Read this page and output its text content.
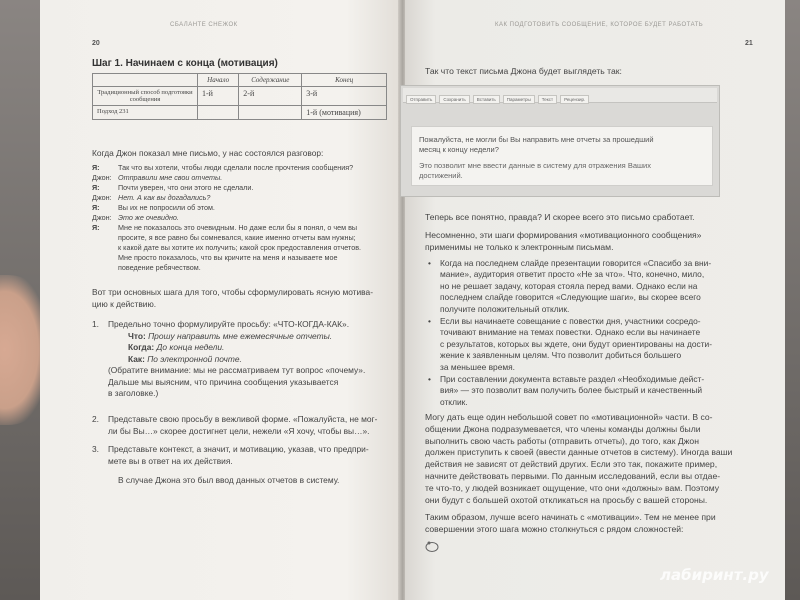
СБАЛАНТЕ СНЕЖОК
20
Шаг 1. Начинаем с конца (мотивация)
	Начало	Содержание	Конец
Традиционный способ подготовки сообщения	1-й	2-й	3-й
Подход 231			1-й (мотивация)
Когда Джон показал мне письмо, у нас состоялся разговор:
Я:	Так что вы хотели, чтобы люди сделали после прочтения сообщения?
Джон: Отправили мне свои отчеты.
Я:	Почти уверен, что они этого не сделали.
Джон: Нет. А как вы догадались?
Я:	Вы их не попросили об этом.
Джон: Это же очевидно.
Я:	Мне не показалось это очевидным. Но даже если бы я понял, о чем вы
просите, я все равно бы сомневался, какие именно отчеты вам нужны;
к какой дате вы хотите их получить; какой срок предоставления отчетов.
Мне просто показалось, что вы кричите на меня и называете мое
поведение ребячеством.
Вот три основных шага для того, чтобы сформулировать ясную мотива-
цию к действию.
1. Предельно точно формулируйте просьбу: «ЧТО-КОГДА-КАК».
Что: Прошу направить мне ежемесячные отчеты.
Когда: До конца недели.
Как: По электронной почте.
(Обратите внимание: мы не рассматриваем тут вопрос «почему».
Дальше мы выясним, что причина сообщения указывается
в заголовке.)
2. Представьте свою просьбу в вежливой форме. «Пожалуйста, не мог-
ли бы Вы…» скорее достигнет цели, нежели «Я хочу, чтобы вы…».
3. Представьте контекст, а значит, и мотивацию, указав, что предпри-
мете вы в ответ на их действия.
В случае Джона это был ввод данных отчетов в систему.
КАК ПОДГОТОВИТЬ СООБЩЕНИЕ, КОТОРОЕ БУДЕТ РАБОТАТЬ
21
Так что текст письма Джона будет выглядеть так:
Отправить Сохранить Вставить Параметры Текст Рецензир.
Пожалуйста, не могли бы Вы направить мне отчеты за прошедший месяц к концу недели?
Это позволит мне ввести данные в систему для отражения Ваших достижений.
Теперь все понятно, правда? И скорее всего это письмо сработает.
Несомненно, эти шаги формирования «мотивационного сообщения»
применимы не только к электронным письмам.
• Когда на последнем слайде презентации говорится «Спасибо за вни-
мание», аудитория ответит просто «Не за что». Что, конечно, мило,
но не решает задачу, которая стояла перед вами. Однако если на
последнем слайде говорится «Следующие шаги», вы скорее всего
получите положительный отклик.
• Если вы начинаете совещание с повестки дня, участники сосредо-
точивают внимание на темах повестки. Однако если вы начинаете
с результатов, которых вы ждете, они будут ориентированы на дости-
жение к заявленным целям. Что позволит добиться большего
за меньшее время.
• При составлении документа вставьте раздел «Необходимые дейст-
вия» — это позволит вам получить более быстрый и качественный
отклик.
Могу дать еще один небольшой совет по «мотивационной» части. В со-
общении Джона подразумевается, что члены команды должны были
выполнить свою часть работы (отправить отчеты), до того, как Джон
должен приступить к своей (ввести данные отчетов в систему). Иногда ваши
действия не зависят от действий других. Если это так, покажите пример,
начните действовать первыми. По данным исследований, если вы отдае-
те что-то, у людей возникает ощущение, что они «должны» вам. Поэтому
они будут с большей охотой откликаться на просьбу с вашей стороны.
Таким образом, лучше всего начинать с «мотивации». Тем не менее при
совершении этого шага можно столкнуться с рядом сложностей:
лабиринт.ру
